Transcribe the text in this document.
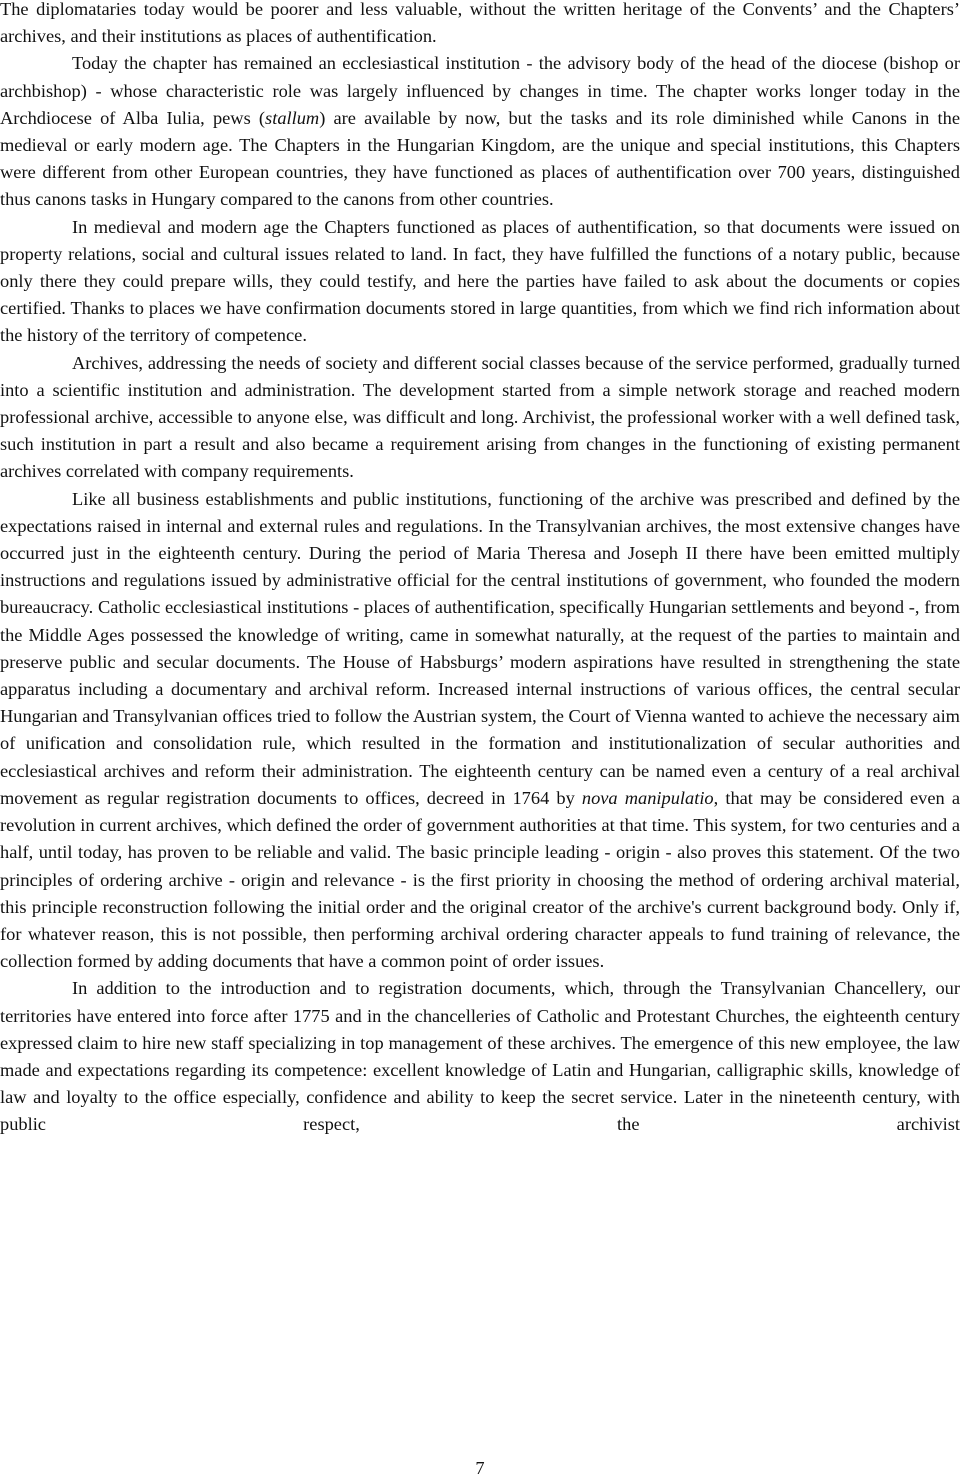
The diplomataries today would be poorer and less valuable, without the written heritage of the Convents’ and the Chapters’ archives, and their institutions as places of authentification.

Today the chapter has remained an ecclesiastical institution - the advisory body of the head of the diocese (bishop or archbishop) - whose characteristic role was largely influenced by changes in time. The chapter works longer today in the Archdiocese of Alba Iulia, pews (stallum) are available by now, but the tasks and its role diminished while Canons in the medieval or early modern age. The Chapters in the Hungarian Kingdom, are the unique and special institutions, this Chapters were different from other European countries, they have functioned as places of authentification over 700 years, distinguished thus canons tasks in Hungary compared to the canons from other countries.

In medieval and modern age the Chapters functioned as places of authentification, so that documents were issued on property relations, social and cultural issues related to land. In fact, they have fulfilled the functions of a notary public, because only there they could prepare wills, they could testify, and here the parties have failed to ask about the documents or copies certified. Thanks to places we have confirmation documents stored in large quantities, from which we find rich information about the history of the territory of competence.

Archives, addressing the needs of society and different social classes because of the service performed, gradually turned into a scientific institution and administration. The development started from a simple network storage and reached modern professional archive, accessible to anyone else, was difficult and long. Archivist, the professional worker with a well defined task, such institution in part a result and also became a requirement arising from changes in the functioning of existing permanent archives correlated with company requirements.

Like all business establishments and public institutions, functioning of the archive was prescribed and defined by the expectations raised in internal and external rules and regulations. In the Transylvanian archives, the most extensive changes have occurred just in the eighteenth century. During the period of Maria Theresa and Joseph II there have been emitted multiply instructions and regulations issued by administrative official for the central institutions of government, who founded the modern bureaucracy. Catholic ecclesiastical institutions - places of authentification, specifically Hungarian settlements and beyond -, from the Middle Ages possessed the knowledge of writing, came in somewhat naturally, at the request of the parties to maintain and preserve public and secular documents. The House of Habsburgs’ modern aspirations have resulted in strengthening the state apparatus including a documentary and archival reform. Increased internal instructions of various offices, the central secular Hungarian and Transylvanian offices tried to follow the Austrian system, the Court of Vienna wanted to achieve the necessary aim of unification and consolidation rule, which resulted in the formation and institutionalization of secular authorities and ecclesiastical archives and reform their administration. The eighteenth century can be named even a century of a real archival movement as regular registration documents to offices, decreed in 1764 by nova manipulatio, that may be considered even a revolution in current archives, which defined the order of government authorities at that time. This system, for two centuries and a half, until today, has proven to be reliable and valid. The basic principle leading - origin - also proves this statement. Of the two principles of ordering archive - origin and relevance - is the first priority in choosing the method of ordering archival material, this principle reconstruction following the initial order and the original creator of the archive's current background body. Only if, for whatever reason, this is not possible, then performing archival ordering character appeals to fund training of relevance, the collection formed by adding documents that have a common point of order issues.

In addition to the introduction and to registration documents, which, through the Transylvanian Chancellery, our territories have entered into force after 1775 and in the chancelleries of Catholic and Protestant Churches, the eighteenth century expressed claim to hire new staff specializing in top management of these archives. The emergence of this new employee, the law made and expectations regarding its competence: excellent knowledge of Latin and Hungarian, calligraphic skills, knowledge of law and loyalty to the office especially, confidence and ability to keep the secret service. Later in the nineteenth century, with public respect, the archivist

7
